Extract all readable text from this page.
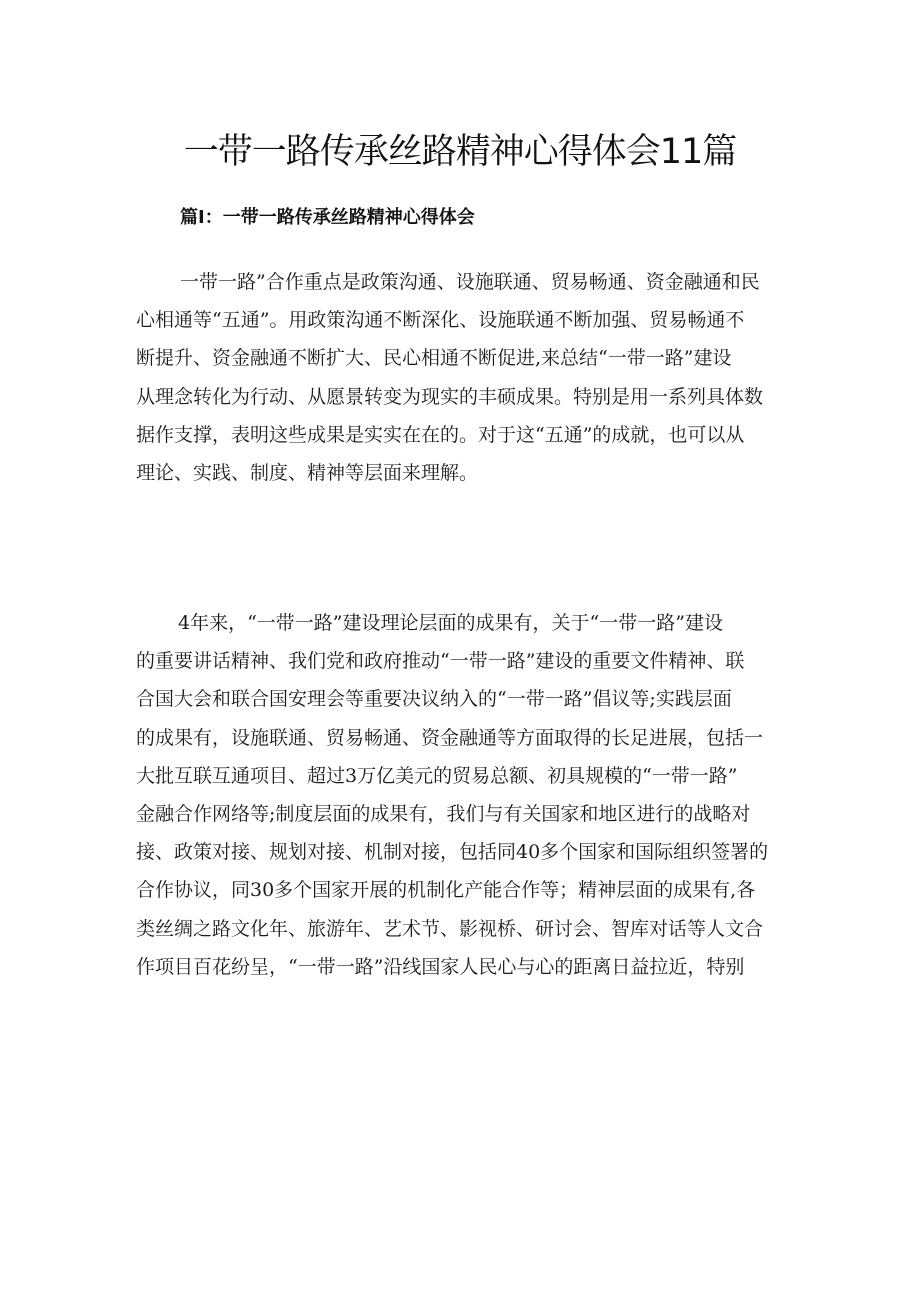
一带一路传承丝路精神心得体会11篇
篇Ⅰ：一带一路传承丝路精神心得体会
一带一路”合作重点是政策沟通、设施联通、贸易畅通、资金融通和民
心相通等“五通”。用政策沟通不断深化、设施联通不断加强、贸易畅通不
断提升、资金融通不断扩大、民心相通不断促进,来总结“一带一路”建设
从理念转化为行动、从愿景转变为现实的丰硕成果。特别是用一系列具体数
据作支撑，表明这些成果是实实在在的。对于这“五通”的成就，也可以从
理论、实践、制度、精神等层面来理解。
4年来，“一带一路”建设理论层面的成果有，关于“一带一路”建设
的重要讲话精神、我们党和政府推动“一带一路”建设的重要文件精神、联
合国大会和联合国安理会等重要决议纳入的“一带一路”倡议等;实践层面
的成果有，设施联通、贸易畅通、资金融通等方面取得的长足进展，包括一
大批互联互通项目、超过3万亿美元的贸易总额、初具规模的“一带一路”
金融合作网络等;制度层面的成果有，我们与有关国家和地区进行的战略对
接、政策对接、规划对接、机制对接，包括同40多个国家和国际组织签署的
合作协议，同30多个国家开展的机制化产能合作等；精神层面的成果有,各
类丝绸之路文化年、旅游年、艺术节、影视桥、研讨会、智库对话等人文合
作项目百花纷呈，“一带一路”沿线国家人民心与心的距离日益拉近，特别
